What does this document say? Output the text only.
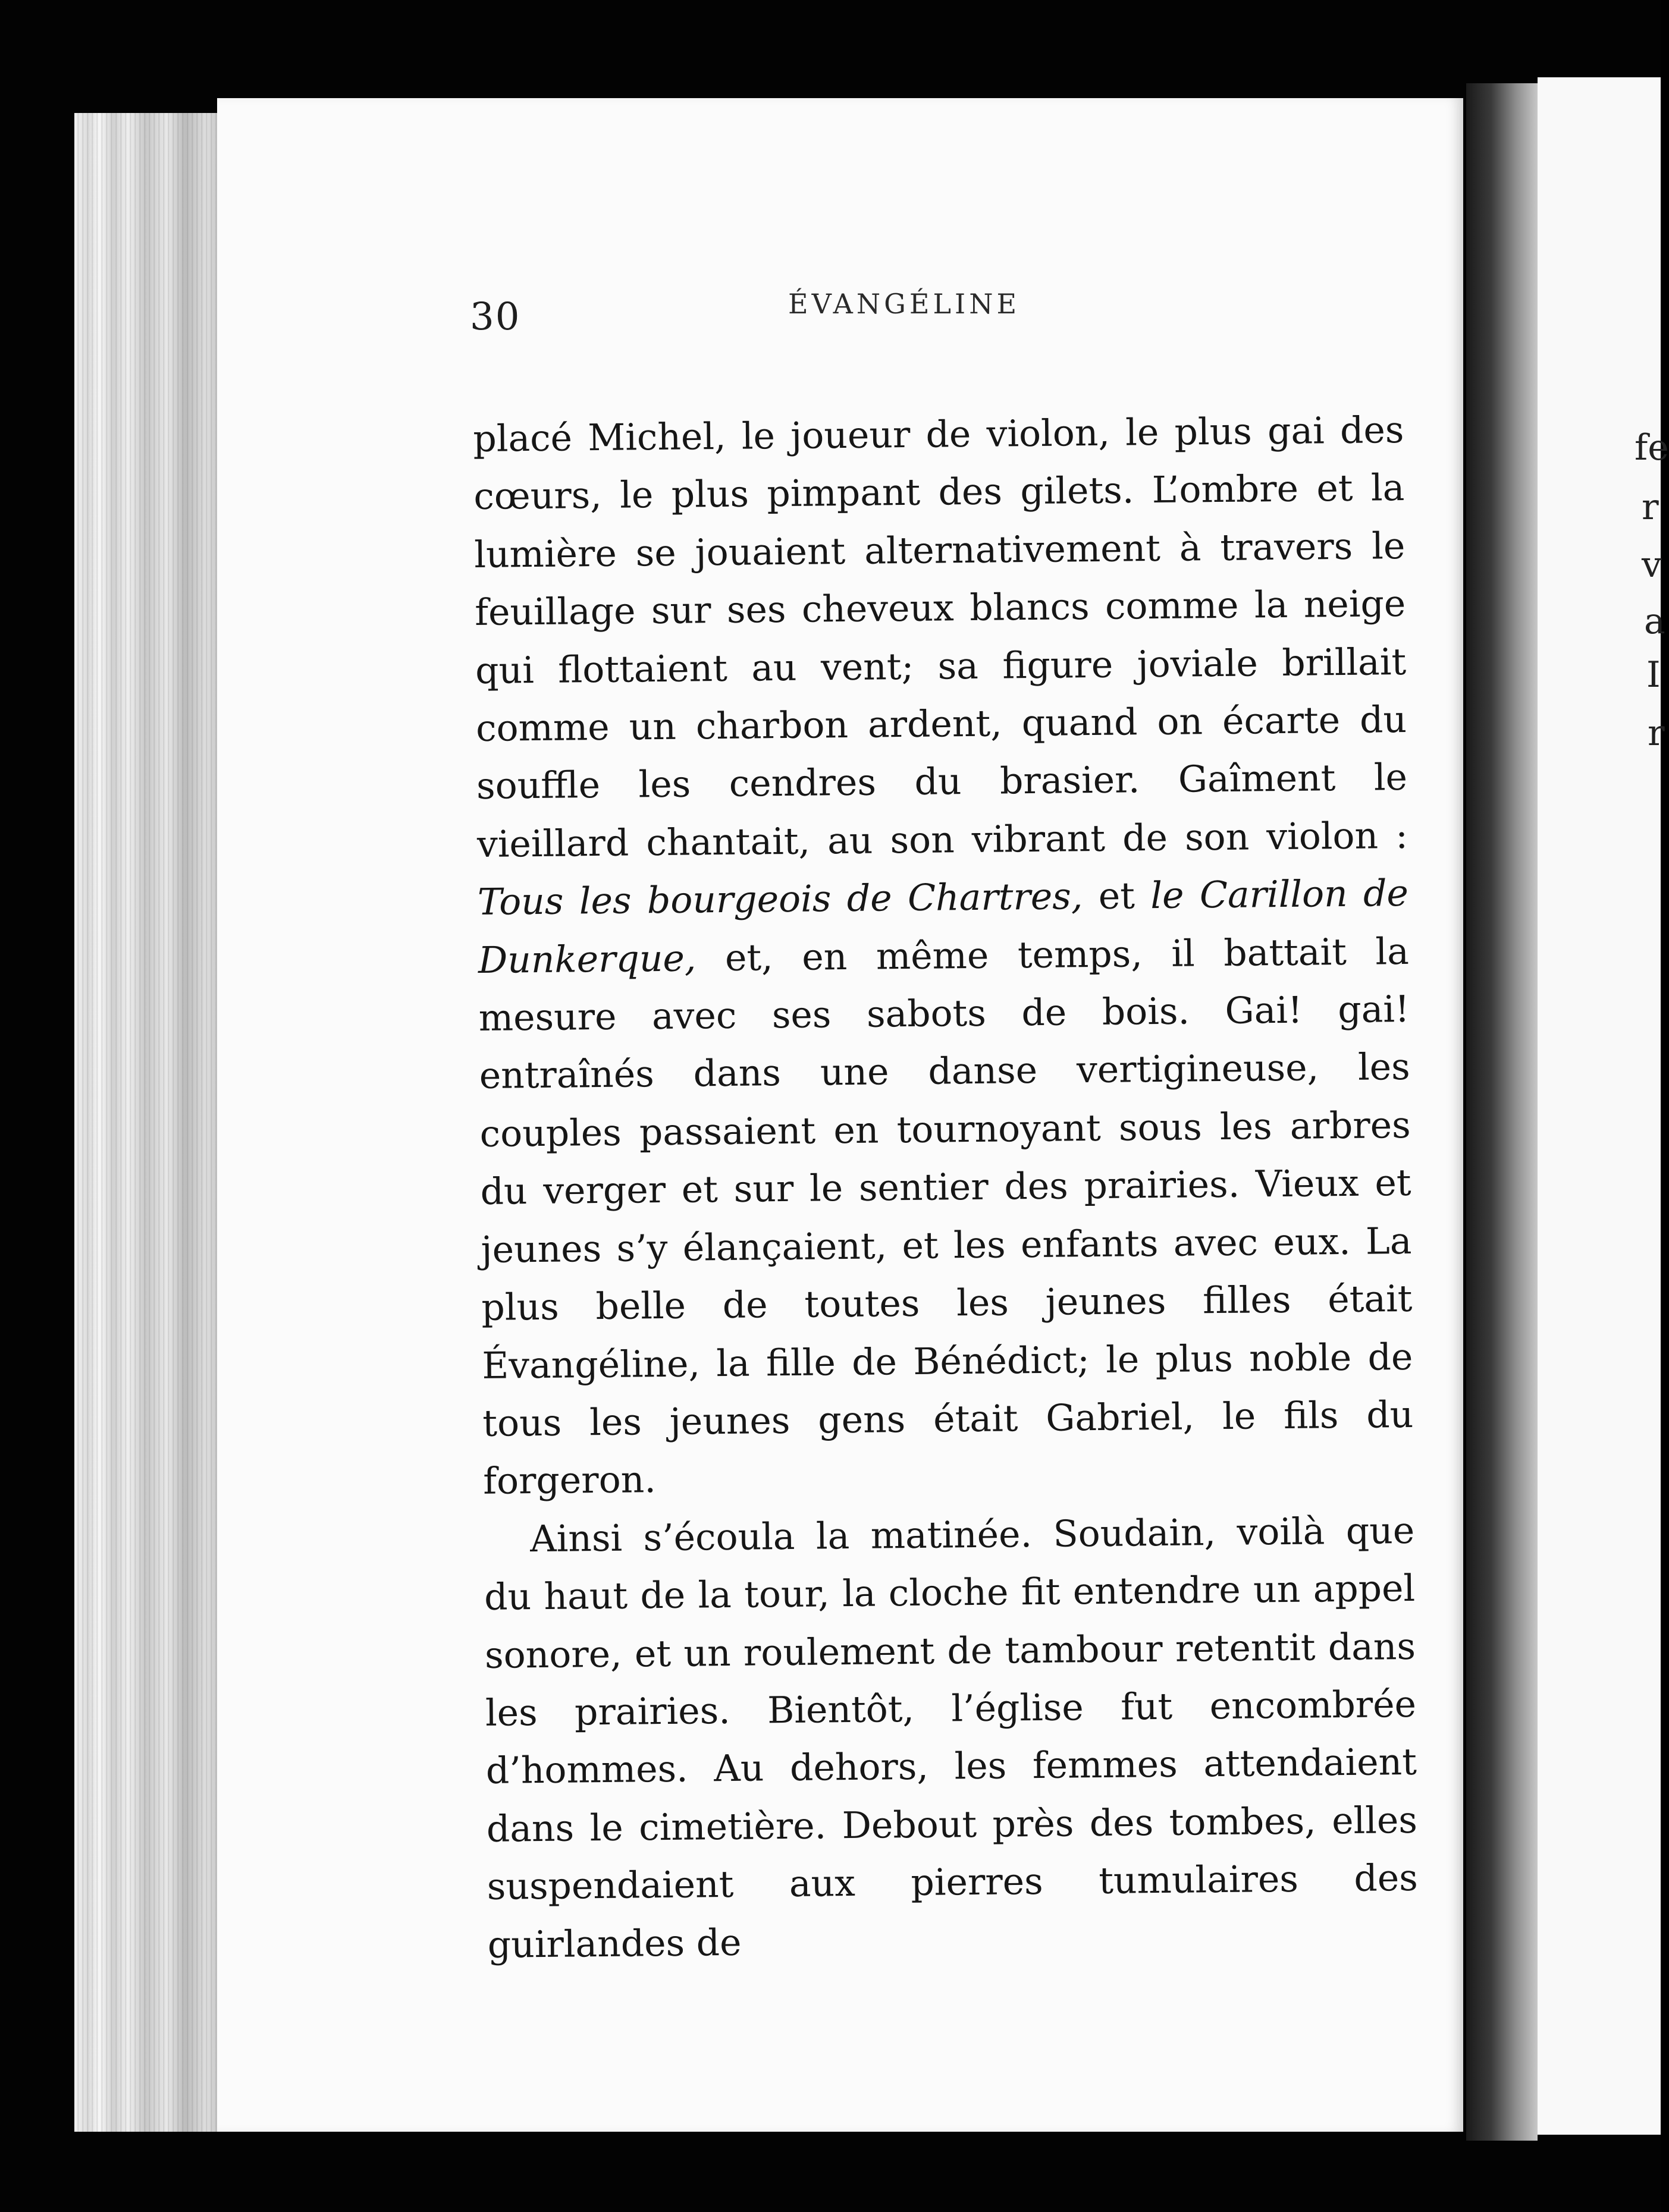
fe
r
v
a
I
r
30	ÉVANGÉLINE

placé Michel, le joueur de violon, le plus gai des cœurs, le plus pimpant des gilets. L’ombre et la lumière se jouaient alternativement à travers le feuillage sur ses cheveux blancs comme la neige qui flottaient au vent; sa figure joviale brillait comme un charbon ardent, quand on écarte du souffle les cendres du brasier. Gaîment le vieillard chantait, au son vibrant de son violon : Tous les bourgeois de Chartres, et le Carillon de Dunkerque, et, en même temps, il battait la mesure avec ses sabots de bois. Gai! gai! entraînés dans une danse vertigineuse, les couples passaient en tournoyant sous les arbres du verger et sur le sentier des prairies. Vieux et jeunes s’y élançaient, et les enfants avec eux. La plus belle de toutes les jeunes filles était Évangéline, la fille de Bénédict; le plus noble de tous les jeunes gens était Gabriel, le fils du forgeron.

Ainsi s’écoula la matinée. Soudain, voilà que du haut de la tour, la cloche fit entendre un appel sonore, et un roulement de tambour retentit dans les prairies. Bientôt, l’église fut encombrée d’hommes. Au dehors, les femmes attendaient dans le cimetière. Debout près des tombes, elles suspendaient aux pierres tumulaires des guirlandes de
